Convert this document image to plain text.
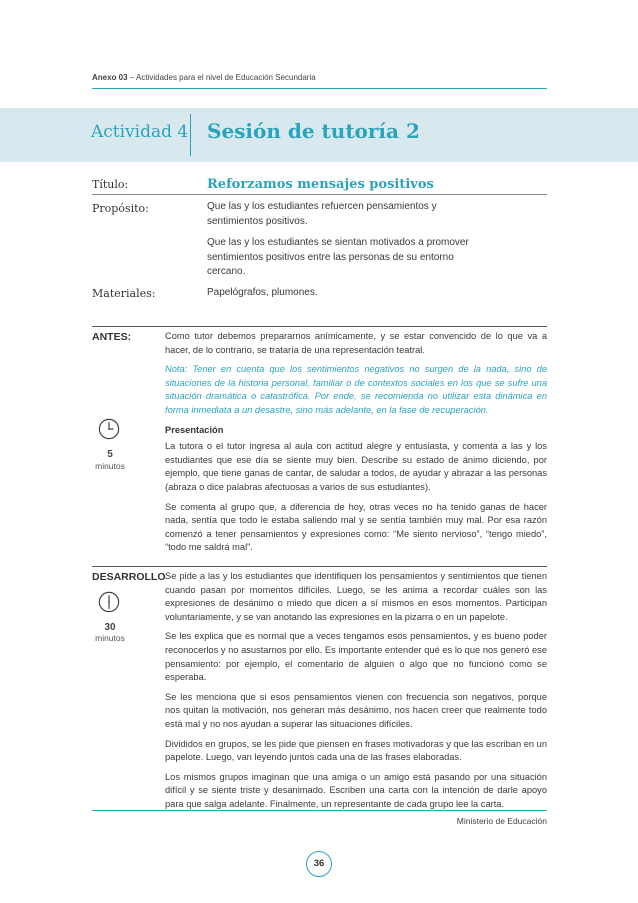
Anexo 03 – Actividades para el nivel de Educación Secundaria
Actividad 4 Sesión de tutoría 2
Título:	Reforzamos mensajes positivos
Propósito:	Que las y los estudiantes refuercen pensamientos y sentimientos positivos.
Que las y los estudiantes se sientan motivados a promover sentimientos positivos entre las personas de su entorno cercano.
Materiales:	Papelógrafos, plumones.
ANTES:	Como tutor debemos prepararnos anímicamente, y se estar convencido de lo que va a hacer, de lo contrario, se trataría de una representación teatral.

Nota: Tener en cuenta que los sentimientos negativos no surgen de la nada, sino de situaciones de la historia personal, familiar o de contextos sociales en los que se sufre una situación dramática o catastrófica. Por ende, se recomienda no utilizar esta dinámica en forma inmediata a un desastre, sino más adelante, en la fase de recuperación.

Presentación

La tutora o el tutor ingresa al aula con actitud alegre y entusiasta, y comenta a las y los estudiantes que ese día se siente muy bien. Describe su estado de ánimo diciendo, por ejemplo, que tiene ganas de cantar, de saludar a todos, de ayudar y abrazar a las personas (abraza o dice palabras afectuosas a varios de sus estudiantes).

Se comenta al grupo que, a diferencia de hoy, otras veces no ha tenido ganas de hacer nada, sentía que todo le estaba saliendo mal y se sentía también muy mal. Por esa razón comenzó a tener pensamientos y expresiones como: “Me siento nervioso”, “tengo miedo”, “todo me saldrá mal”.

5
minutos
DESARROLLO Se pide a las y los estudiantes que identifiquen los pensamientos y sentimientos que tienen cuando pasan por momentos difíciles. Luego, se les anima a recordar cuáles son las expresiones de desánimo o miedo que dicen a sí mismos en esos momentos. Participan voluntariamente, y se van anotando las expresiones en la pizarra o en un papelote.

Se les explica que es normal que a veces tengamos esos pensamientos, y es bueno poder reconocerlos y no asustarnos por ello. Es importante entender qué es lo que nos generó ese pensamiento: por ejemplo, el comentario de alguien o algo que no funcionó como se esperaba.

Se les menciona que si esos pensamientos vienen con frecuencia son negativos, porque nos quitan la motivación, nos generan más desánimo, nos hacen creer que realmente todo está mal y no nos ayudan a superar las situaciones difíciles.

Divididos en grupos, se les pide que piensen en frases motivadoras y que las escriban en un papelote. Luego, van leyendo juntos cada una de las frases elaboradas.

Los mismos grupos imaginan que una amiga o un amigo está pasando por una situación difícil y se siente triste y desanimado. Escriben una carta con la intención de darle apoyo para que salga adelante. Finalmente, un representante de cada grupo lee la carta.

30
minutos
Ministerio de Educación
36
